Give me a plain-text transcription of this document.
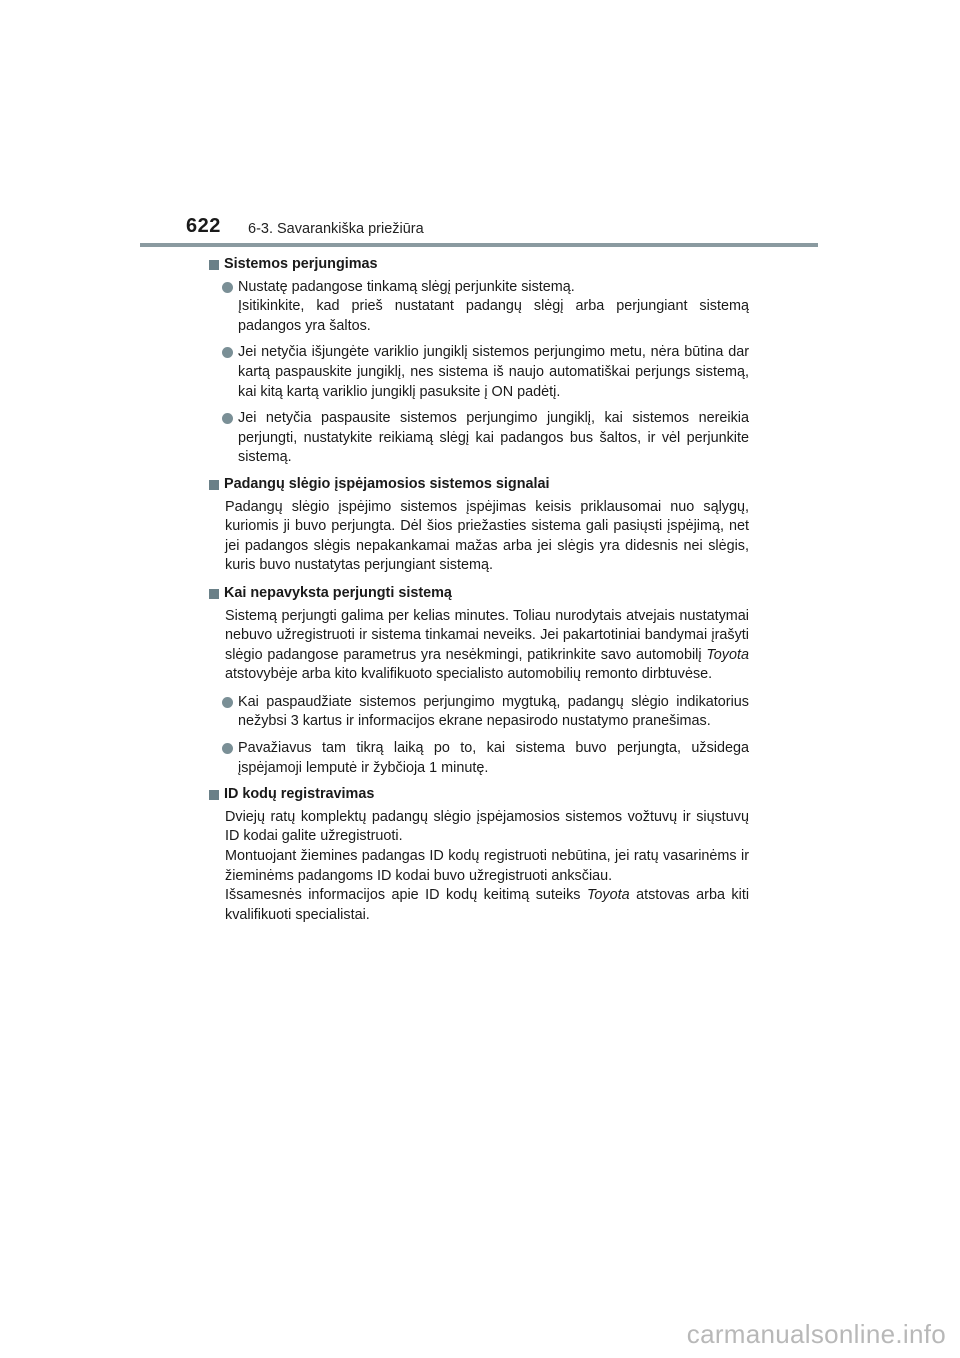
622 6-3. Savarankiška priežiūra
Sistemos perjungimas
Nustatę padangose tinkamą slėgį perjunkite sistemą.
Įsitikinkite, kad prieš nustatant padangų slėgį arba perjungiant sistemą padangos yra šaltos.
Jei netyčia išjungėte variklio jungiklį sistemos perjungimo metu, nėra būtina dar kartą paspauskite jungiklį, nes sistema iš naujo automatiškai perjungs sistemą, kai kitą kartą variklio jungiklį pasuksite į ON padėtį.
Jei netyčia paspausite sistemos perjungimo jungiklį, kai sistemos nereikia perjungti, nustatykite reikiamą slėgį kai padangos bus šaltos, ir vėl perjunkite sistemą.
Padangų slėgio įspėjamosios sistemos signalai
Padangų slėgio įspėjimo sistemos įspėjimas keisis priklausomai nuo sąlygų, kuriomis ji buvo perjungta. Dėl šios priežasties sistema gali pasiųsti įspėjimą, net jei padangos slėgis nepakankamai mažas arba jei slėgis yra didesnis nei slėgis, kuris buvo nustatytas perjungiant sistemą.
Kai nepavyksta perjungti sistemą
Sistemą perjungti galima per kelias minutes. Toliau nurodytais atvejais nustatymai nebuvo užregistruoti ir sistema tinkamai neveiks. Jei pakartotiniai bandymai įrašyti slėgio padangose parametrus yra nesėkmingi, patikrinkite savo automobilį Toyota atstovybėje arba kito kvalifikuoto specialisto automobilių remonto dirbtuvėse.
Kai paspaudžiate sistemos perjungimo mygtuką, padangų slėgio indikatorius nežybsi 3 kartus ir informacijos ekrane nepasirodo nustatymo pranešimas.
Pavažiavus tam tikrą laiką po to, kai sistema buvo perjungta, užsidega įspėjamoji lemputė ir žybčioja 1 minutę.
ID kodų registravimas
Dviejų ratų komplektų padangų slėgio įspėjamosios sistemos vožtuvų ir siųstuvų ID kodai galite užregistruoti.
Montuojant žiemines padangas ID kodų registruoti nebūtina, jei ratų vasarinėms ir žieminėms padangoms ID kodai buvo užregistruoti anksčiau.
Išsamesnės informacijos apie ID kodų keitimą suteiks Toyota atstovas arba kiti kvalifikuoti specialistai.
carmanualsonline.info
